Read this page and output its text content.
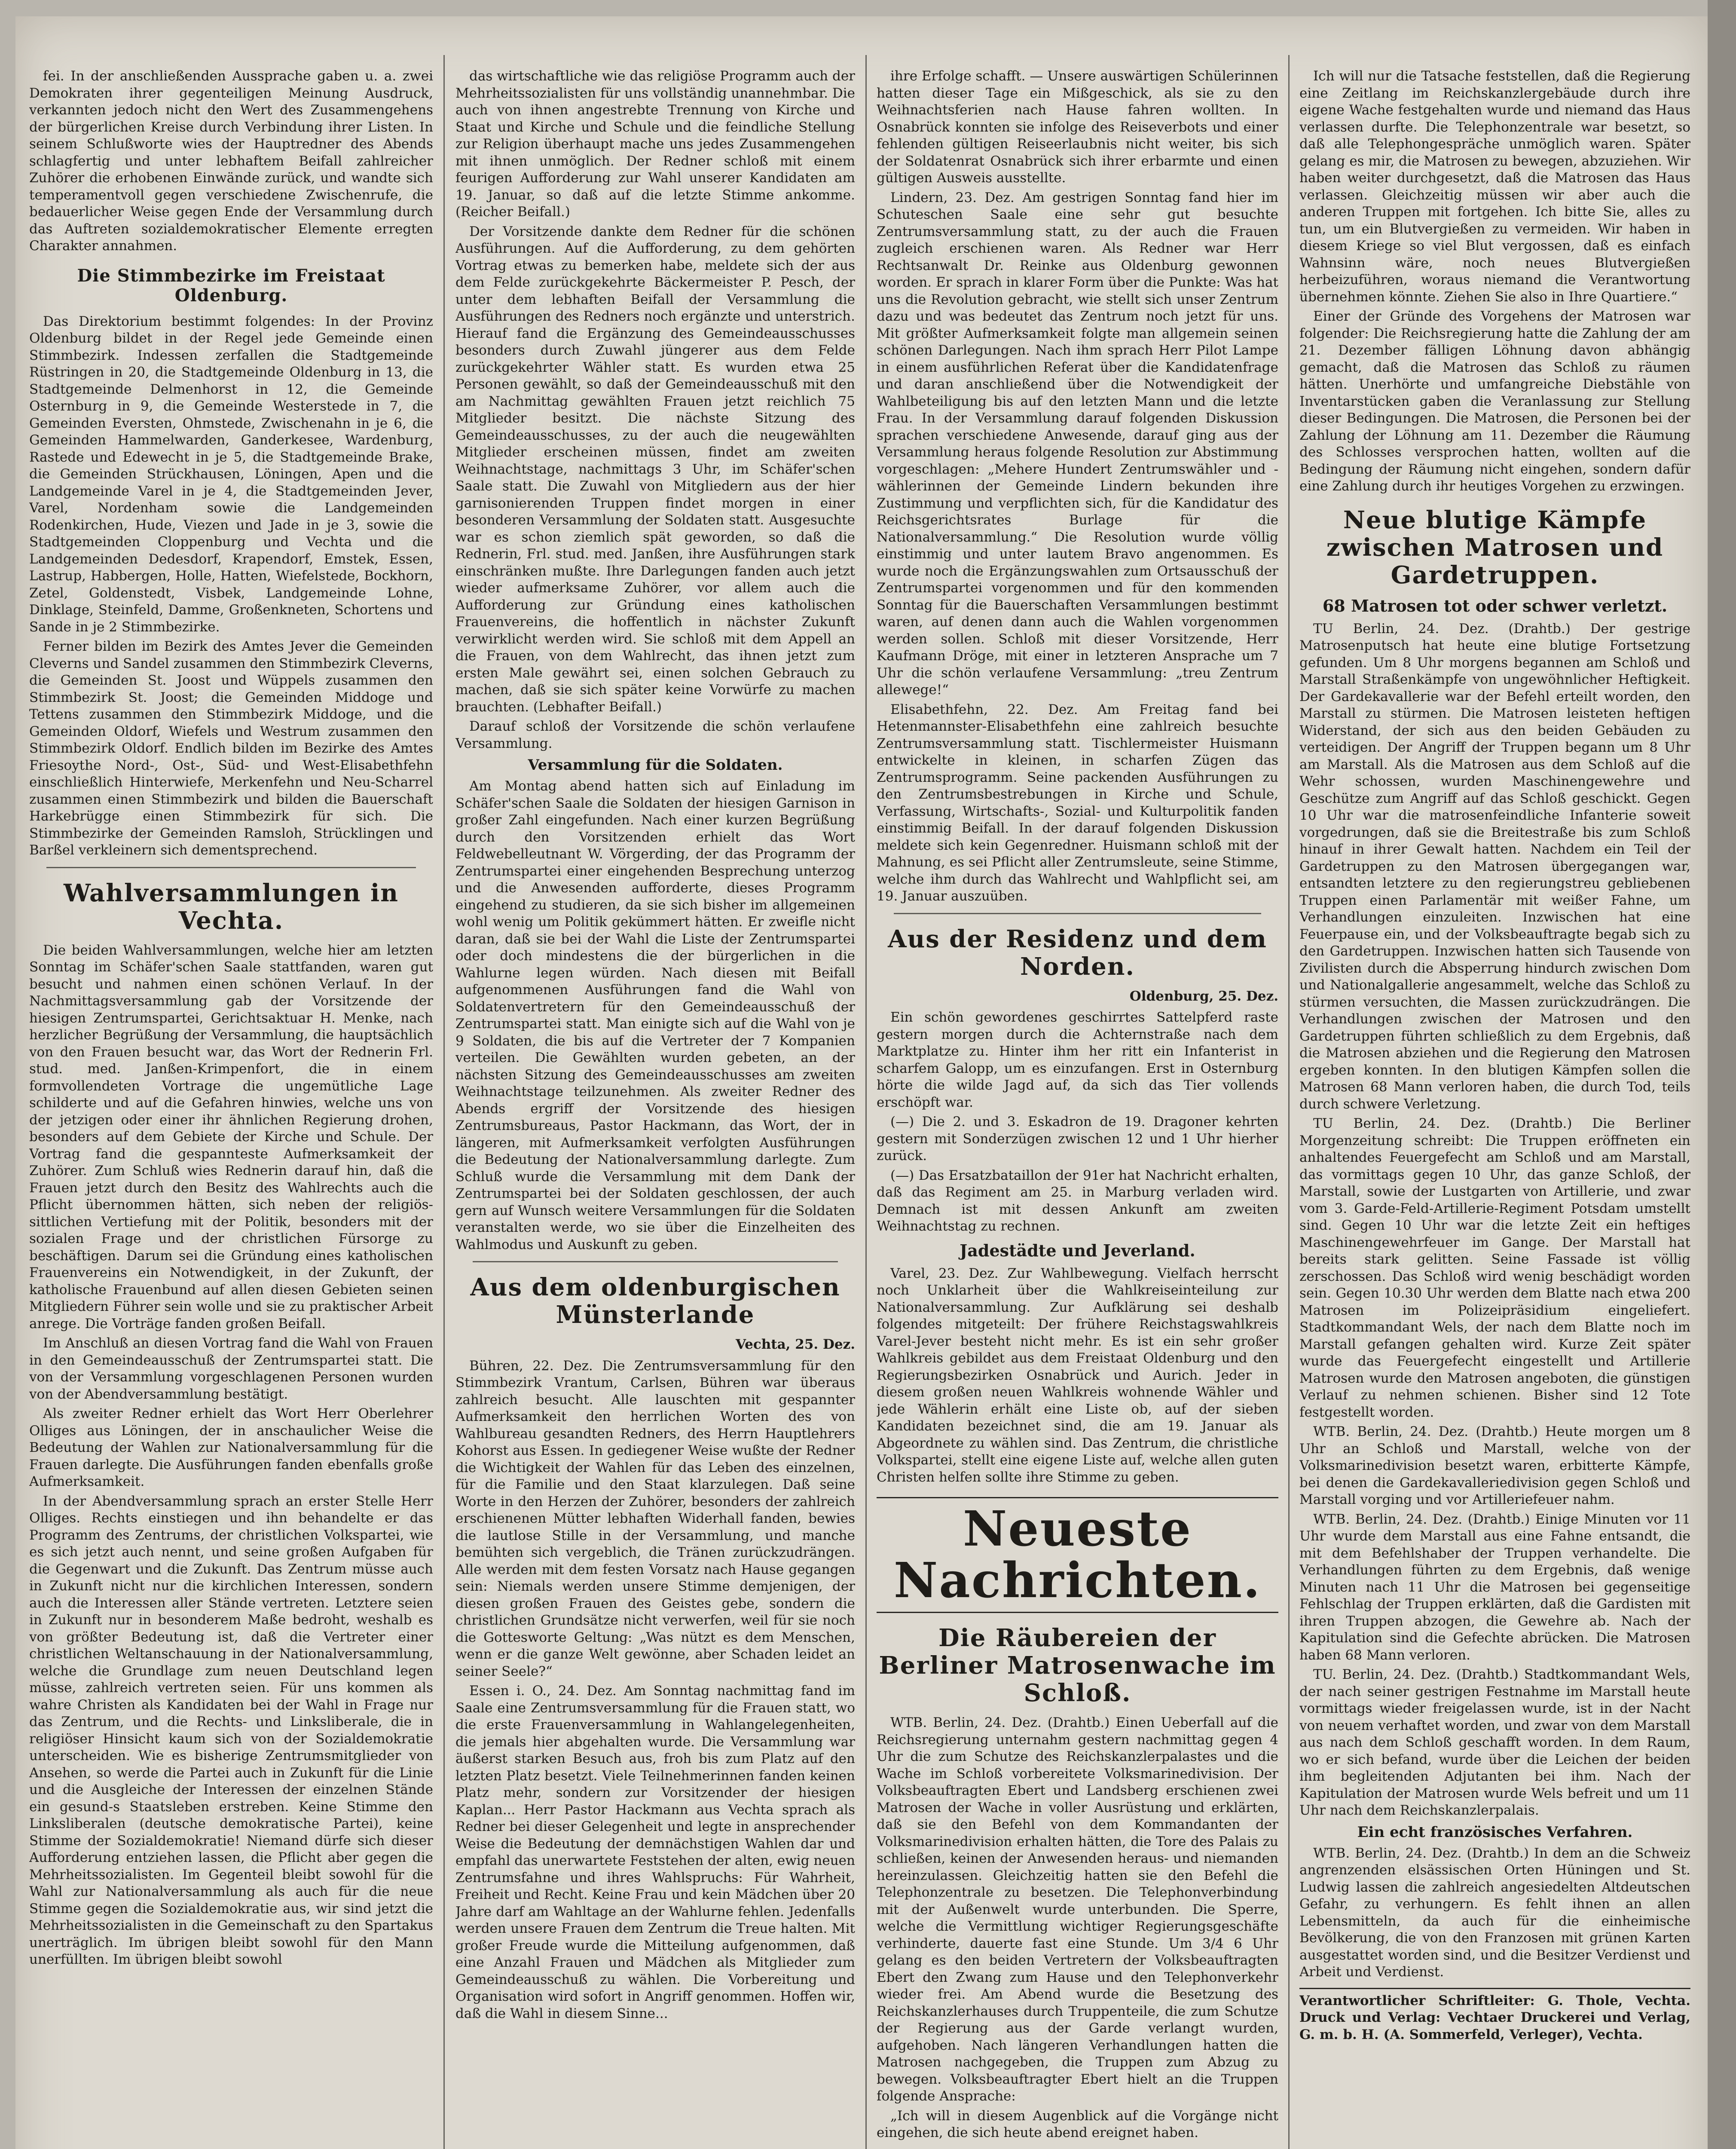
fei. In der anschließenden Aussprache gaben u. a. zwei Demokraten ihrer gegenteiligen Meinung Ausdruck, verkannten jedoch nicht den Wert des Zusammengehens der bürgerlichen Kreise durch Verbindung ihrer Listen. In seinem Schlußworte wies der Hauptredner des Abends schlagfertig und unter lebhaftem Beifall zahlreicher Zuhörer die erhobenen Einwände zurück, und wandte sich temperamentvoll gegen verschiedene Zwischenrufe, die bedauerlicher Weise gegen Ende der Versammlung durch das Auftreten sozialdemokratischer Elemente erregten Charakter annahmen.

Die Stimmbezirke im Freistaat Oldenburg.

Das Direktorium bestimmt folgendes: In der Provinz Oldenburg bildet in der Regel jede Gemeinde einen Stimmbezirk. Indessen zerfallen die Stadtgemeinde Rüstringen in 20, die Stadtgemeinde Oldenburg in 13, die Stadtgemeinde Delmenhorst in 12, die Gemeinde Osternburg in 9, die Gemeinde Westerstede in 7, die Gemeinden Eversten, Ohmstede, Zwischenahn in je 6, die Gemeinden Hammelwarden, Ganderkesee, Wardenburg, Rastede und Edewecht in je 5, die Stadtgemeinde Brake, die Gemeinden Strückhausen, Löningen, Apen und die Landgemeinde Varel in je 4, die Stadtgemeinden Jever, Varel, Nordenham sowie die Landgemeinden Rodenkirchen, Hude, Viezen und Jade in je 3, sowie die Stadtgemeinden Cloppenburg und Vechta und die Landgemeinden Dedesdorf, Krapendorf, Emstek, Essen, Lastrup, Habbergen, Holle, Hatten, Wiefelstede, Bockhorn, Zetel, Goldenstedt, Visbek, Landgemeinde Lohne, Dinklage, Steinfeld, Damme, Großenkneten, Schortens und Sande in je 2 Stimmbezirke.

Ferner bilden im Bezirk des Amtes Jever die Gemeinden Cleverns und Sandel zusammen den Stimmbezirk Cleverns, die Gemeinden St. Joost und Wüppels zusammen den Stimmbezirk St. Joost; die Gemeinden Middoge und Tettens zusammen den Stimmbezirk Middoge, und die Gemeinden Oldorf, Wiefels und Westrum zusammen den Stimmbezirk Oldorf. Endlich bilden im Bezirke des Amtes Friesoythe Nord-, Ost-, Süd- und West-Elisabethfehn einschließlich Hinterwiefe, Merkenfehn und Neu-Scharrel zusammen einen Stimmbezirk und bilden die Bauerschaft Harkebrügge einen Stimmbezirk für sich. Die Stimmbezirke der Gemeinden Ramsloh, Strücklingen und Barßel verkleinern sich dementsprechend.

Wahlversammlungen in Vechta.

Die beiden Wahlversammlungen, welche hier am letzten Sonntag im Schäfer'schen Saale stattfanden, waren gut besucht und nahmen einen schönen Verlauf. In der Nachmittagsversammlung gab der Vorsitzende der hiesigen Zentrumspartei, Gerichtsaktuar H. Menke, nach herzlicher Begrüßung der Versammlung, die hauptsächlich von den Frauen besucht war, das Wort der Rednerin Frl. stud. med. Janßen-Krimpenfort, die in einem formvollendeten Vortrage die ungemütliche Lage schilderte und auf die Gefahren hinwies, welche uns von der jetzigen oder einer ihr ähnlichen Regierung drohen, besonders auf dem Gebiete der Kirche und Schule. Der Vortrag fand die gespannteste Aufmerksamkeit der Zuhörer. Zum Schluß wies Rednerin darauf hin, daß die Frauen jetzt durch den Besitz des Wahlrechts auch die Pflicht übernommen hätten, sich neben der religiös-sittlichen Vertiefung mit der Politik, besonders mit der sozialen Frage und der christlichen Fürsorge zu beschäftigen. Darum sei die Gründung eines katholischen Frauenvereins ein Notwendigkeit, in der Zukunft, der katholische Frauenbund auf allen diesen Gebieten seinen Mitgliedern Führer sein wolle und sie zu praktischer Arbeit anrege. Die Vorträge fanden großen Beifall.

Im Anschluß an diesen Vortrag fand die Wahl von Frauen in den Gemeindeausschuß der Zentrumspartei statt. Die von der Versammlung vorgeschlagenen Personen wurden von der Abendversammlung bestätigt.

Als zweiter Redner erhielt das Wort Herr Oberlehrer Olliges aus Löningen, der in anschaulicher Weise die Bedeutung der Wahlen zur Nationalversammlung für die Frauen darlegte. Die Ausführungen fanden ebenfalls große Aufmerksamkeit.

In der Abendversammlung sprach an erster Stelle Herr Olliges. Rechts einstiegen und ihn behandelte er das Programm des Zentrums, der christlichen Volkspartei, wie es sich jetzt auch nennt, und seine großen Aufgaben für die Gegenwart und die Zukunft. Das Zentrum müsse auch in Zukunft nicht nur die kirchlichen Interessen, sondern auch die Interessen aller Stände vertreten. Letztere seien in Zukunft nur in besonderem Maße bedroht, weshalb es von größter Bedeutung ist, daß die Vertreter einer christlichen Weltanschauung in der Nationalversammlung, welche die Grundlage zum neuen Deutschland legen müsse, zahlreich vertreten seien. Für uns kommen als wahre Christen als Kandidaten bei der Wahl in Frage nur das Zentrum, und die Rechts- und Linksliberale, die in religiöser Hinsicht kaum sich von der Sozialdemokratie unterscheiden. Wie es bisherige Zentrumsmitglieder von Ansehen, so werde die Partei auch in Zukunft für die Linie und die Ausgleiche der Interessen der einzelnen Stände ein gesund-s Staatsleben erstreben. Keine Stimme den Linksliberalen (deutsche demokratische Partei), keine Stimme der Sozialdemokratie! Niemand dürfe sich dieser Aufforderung entziehen lassen, die Pflicht aber gegen die Mehrheitssozialisten. Im Gegenteil bleibt sowohl für die Wahl zur Nationalversammlung als auch für die neue Stimme gegen die Sozialdemokratie aus, wir sind jetzt die Mehrheitssozialisten in die Gemeinschaft zu den Spartakus unerträglich. Im übrigen bleibt sowohl für den Mann unerfüllten. Im übrigen bleibt sowohl

das wirtschaftliche wie das religiöse Programm auch der Mehrheitssozialisten für uns vollständig unannehmbar. Die auch von ihnen angestrebte Trennung von Kirche und Staat und Kirche und Schule und die feindliche Stellung zur Religion überhaupt mache uns jedes Zusammengehen mit ihnen unmöglich. Der Redner schloß mit einem feurigen Aufforderung zur Wahl unserer Kandidaten am 19. Januar, so daß auf die letzte Stimme ankomme. (Reicher Beifall.)

Der Vorsitzende dankte dem Redner für die schönen Ausführungen. Auf die Aufforderung, zu dem gehörten Vortrag etwas zu bemerken habe, meldete sich der aus dem Felde zurückgekehrte Bäckermeister P. Pesch, der unter dem lebhaften Beifall der Versammlung die Ausführungen des Redners noch ergänzte und unterstrich. Hierauf fand die Ergänzung des Gemeindeausschusses besonders durch Zuwahl jüngerer aus dem Felde zurückgekehrter Wähler statt. Es wurden etwa 25 Personen gewählt, so daß der Gemeindeausschuß mit den am Nachmittag gewählten Frauen jetzt reichlich 75 Mitglieder besitzt. Die nächste Sitzung des Gemeindeausschusses, zu der auch die neugewählten Mitglieder erscheinen müssen, findet am zweiten Weihnachtstage, nachmittags 3 Uhr, im Schäfer'schen Saale statt. Die Zuwahl von Mitgliedern aus der hier garnisonierenden Truppen findet morgen in einer besonderen Versammlung der Soldaten statt. Ausgesuchte war es schon ziemlich spät geworden, so daß die Rednerin, Frl. stud. med. Janßen, ihre Ausführungen stark einschränken mußte. Ihre Darlegungen fanden auch jetzt wieder aufmerksame Zuhörer, vor allem auch die Aufforderung zur Gründung eines katholischen Frauenvereins, die hoffentlich in nächster Zukunft verwirklicht werden wird. Sie schloß mit dem Appell an die Frauen, von dem Wahlrecht, das ihnen jetzt zum ersten Male gewährt sei, einen solchen Gebrauch zu machen, daß sie sich später keine Vorwürfe zu machen brauchten. (Lebhafter Beifall.)

Darauf schloß der Vorsitzende die schön verlaufene Versammlung.

Versammlung für die Soldaten.

Am Montag abend hatten sich auf Einladung im Schäfer'schen Saale die Soldaten der hiesigen Garnison in großer Zahl eingefunden. Nach einer kurzen Begrüßung durch den Vorsitzenden erhielt das Wort Feldwebelleutnant W. Vörgerding, der das Programm der Zentrumspartei einer eingehenden Besprechung unterzog und die Anwesenden aufforderte, dieses Programm eingehend zu studieren, da sie sich bisher im allgemeinen wohl wenig um Politik gekümmert hätten. Er zweifle nicht daran, daß sie bei der Wahl die Liste der Zentrumspartei oder doch mindestens die der bürgerlichen in die Wahlurne legen würden. Nach diesen mit Beifall aufgenommenen Ausführungen fand die Wahl von Soldatenvertretern für den Gemeindeausschuß der Zentrumspartei statt. Man einigte sich auf die Wahl von je 9 Soldaten, die bis auf die Vertreter der 7 Kompanien verteilen. Die Gewählten wurden gebeten, an der nächsten Sitzung des Gemeindeausschusses am zweiten Weihnachtstage teilzunehmen. Als zweiter Redner des Abends ergriff der Vorsitzende des hiesigen Zentrumsbureaus, Pastor Hackmann, das Wort, der in längeren, mit Aufmerksamkeit verfolgten Ausführungen die Bedeutung der Nationalversammlung darlegte. Zum Schluß wurde die Versammlung mit dem Dank der Zentrumspartei bei der Soldaten geschlossen, der auch gern auf Wunsch weitere Versammlungen für die Soldaten veranstalten werde, wo sie über die Einzelheiten des Wahlmodus und Auskunft zu geben.

Aus dem oldenburgischen Münsterlande
Vechta, 25. Dez.

Bühren, 22. Dez. Die Zentrumsversammlung für den Stimmbezirk Vrantum, Carlsen, Bühren war überaus zahlreich besucht. Alle lauschten mit gespannter Aufmerksamkeit den herrlichen Worten des von Wahlbureau gesandten Redners, des Herrn Hauptlehrers Kohorst aus Essen. In gediegener Weise wußte der Redner die Wichtigkeit der Wahlen für das Leben des einzelnen, für die Familie und den Staat klarzulegen. Daß seine Worte in den Herzen der Zuhörer, besonders der zahlreich erschienenen Mütter lebhaften Widerhall fanden, bewies die lautlose Stille in der Versammlung, und manche bemühten sich vergeblich, die Tränen zurückzudrängen. Alle werden mit dem festen Vorsatz nach Hause gegangen sein: Niemals werden unsere Stimme demjenigen, der diesen großen Frauen des Geistes gebe, sondern die christlichen Grundsätze nicht verwerfen, weil für sie noch die Gottesworte Geltung: „Was nützt es dem Menschen, wenn er die ganze Welt gewönne, aber Schaden leidet an seiner Seele?“

Essen i. O., 24. Dez. Am Sonntag nachmittag fand im Saale eine Zentrumsversammlung für die Frauen statt, wo die erste Frauenversammlung in Wahlangelegenheiten, die jemals hier abgehalten wurde. Die Versammlung war äußerst starken Besuch aus, froh bis zum Platz auf den letzten Platz besetzt. Viele Teilnehmerinnen fanden keinen Platz mehr, sondern zur Vorsitzender der hiesigen Kaplan... Herr Pastor Hackmann aus Vechta sprach als Redner bei dieser Gelegenheit und legte in ansprechender Weise die Bedeutung der demnächstigen Wahlen dar und empfahl das unerwartete Feststehen der alten, ewig neuen Zentrumsfahne und ihres Wahlspruchs: Für Wahrheit, Freiheit und Recht. Keine Frau und kein Mädchen über 20 Jahre darf am Wahltage an der Wahlurne fehlen. Jedenfalls werden unsere Frauen dem Zentrum die Treue halten. Mit großer Freude wurde die Mitteilung aufgenommen, daß eine Anzahl Frauen und Mädchen als Mitglieder zum Gemeindeausschuß zu wählen. Die Vorbereitung und Organisation wird sofort in Angriff genommen. Hoffen wir, daß die Wahl in diesem Sinne...

ihre Erfolge schafft. — Unsere auswärtigen Schülerinnen hatten dieser Tage ein Mißgeschick, als sie zu den Weihnachtsferien nach Hause fahren wollten. In Osnabrück konnten sie infolge des Reiseverbots und einer fehlenden gültigen Reiseerlaubnis nicht weiter, bis sich der Soldatenrat Osnabrück sich ihrer erbarmte und einen gültigen Ausweis ausstellte.

Lindern, 23. Dez. Am gestrigen Sonntag fand hier im Schuteschen Saale eine sehr gut besuchte Zentrumsversammlung statt, zu der auch die Frauen zugleich erschienen waren. Als Redner war Herr Rechtsanwalt Dr. Reinke aus Oldenburg gewonnen worden. Er sprach in klarer Form über die Punkte: Was hat uns die Revolution gebracht, wie stellt sich unser Zentrum dazu und was bedeutet das Zentrum noch jetzt für uns. Mit größter Aufmerksamkeit folgte man allgemein seinen schönen Darlegungen. Nach ihm sprach Herr Pilot Lampe in einem ausführlichen Referat über die Kandidatenfrage und daran anschließend über die Notwendigkeit der Wahlbeteiligung bis auf den letzten Mann und die letzte Frau. In der Versammlung darauf folgenden Diskussion sprachen verschiedene Anwesende, darauf ging aus der Versammlung heraus folgende Resolution zur Abstimmung vorgeschlagen: „Mehere Hundert Zentrumswähler und -wählerinnen der Gemeinde Lindern bekunden ihre Zustimmung und verpflichten sich, für die Kandidatur des Reichsgerichtsrates Burlage für die Nationalversammlung.“ Die Resolution wurde völlig einstimmig und unter lautem Bravo angenommen. Es wurde noch die Ergänzungswahlen zum Ortsausschuß der Zentrumspartei vorgenommen und für den kommenden Sonntag für die Bauerschaften Versammlungen bestimmt waren, auf denen dann auch die Wahlen vorgenommen werden sollen. Schloß mit dieser Vorsitzende, Herr Kaufmann Dröge, mit einer in letzteren Ansprache um 7 Uhr die schön verlaufene Versammlung: „treu Zentrum allewege!“

Elisabethfehn, 22. Dez. Am Freitag fand bei Hetenmannster-Elisabethfehn eine zahlreich besuchte Zentrumsversammlung statt. Tischlermeister Huismann entwickelte in kleinen, in scharfen Zügen das Zentrumsprogramm. Seine packenden Ausführungen zu den Zentrumsbestrebungen in Kirche und Schule, Verfassung, Wirtschafts-, Sozial- und Kulturpolitik fanden einstimmig Beifall. In der darauf folgenden Diskussion meldete sich kein Gegenredner. Huismann schloß mit der Mahnung, es sei Pflicht aller Zentrumsleute, seine Stimme, welche ihm durch das Wahlrecht und Wahlpflicht sei, am 19. Januar auszuüben.

Aus der Residenz und dem Norden.
Oldenburg, 25. Dez.

Ein schön gewordenes geschirrtes Sattelpferd raste gestern morgen durch die Achternstraße nach dem Marktplatze zu. Hinter ihm her ritt ein Infanterist in scharfem Galopp, um es einzufangen. Erst in Osternburg hörte die wilde Jagd auf, da sich das Tier vollends erschöpft war.

(—) Die 2. und 3. Eskadron de 19. Dragoner kehrten gestern mit Sonderzügen zwischen 12 und 1 Uhr hierher zurück.

(—) Das Ersatzbataillon der 91er hat Nachricht erhalten, daß das Regiment am 25. in Marburg verladen wird. Demnach ist mit dessen Ankunft am zweiten Weihnachtstag zu rechnen.

Jadestädte und Jeverland.

Varel, 23. Dez. Zur Wahlbewegung. Vielfach herrscht noch Unklarheit über die Wahlkreiseinteilung zur Nationalversammlung. Zur Aufklärung sei deshalb folgendes mitgeteilt: Der frühere Reichstagswahlkreis Varel-Jever besteht nicht mehr. Es ist ein sehr großer Wahlkreis gebildet aus dem Freistaat Oldenburg und den Regierungsbezirken Osnabrück und Aurich. Jeder in diesem großen neuen Wahlkreis wohnende Wähler und jede Wählerin erhält eine Liste ob, auf der sieben Kandidaten bezeichnet sind, die am 19. Januar als Abgeordnete zu wählen sind. Das Zentrum, die christliche Volkspartei, stellt eine eigene Liste auf, welche allen guten Christen helfen sollte ihre Stimme zu geben.

Neueste Nachrichten.
Die Räubereien der Berliner Matrosenwache im Schloß.

WTB. Berlin, 24. Dez. (Drahtb.) Einen Ueberfall auf die Reichsregierung unternahm gestern nachmittag gegen 4 Uhr die zum Schutze des Reichskanzlerpalastes und die Wache im Schloß vorbereitete Volksmarinedivision. Der Volksbeauftragten Ebert und Landsberg erschienen zwei Matrosen der Wache in voller Ausrüstung und erklärten, daß sie den Befehl von dem Kommandanten der Volksmarinedivision erhalten hätten, die Tore des Palais zu schließen, keinen der Anwesenden heraus- und niemanden hereinzulassen. Gleichzeitig hatten sie den Befehl die Telephonzentrale zu besetzen. Die Telephonverbindung mit der Außenwelt wurde unterbunden. Die Sperre, welche die Vermittlung wichtiger Regierungsgeschäfte verhinderte, dauerte fast eine Stunde. Um 3/4 6 Uhr gelang es den beiden Vertretern der Volksbeauftragten Ebert den Zwang zum Hause und den Telephonverkehr wieder frei. Am Abend wurde die Besetzung des Reichskanzlerhauses durch Truppenteile, die zum Schutze der Regierung aus der Garde verlangt wurden, aufgehoben. Nach längeren Verhandlungen hatten die Matrosen nachgegeben, die Truppen zum Abzug zu bewegen. Volksbeauftragter Ebert hielt an die Truppen folgende Ansprache:

„Ich will in diesem Augenblick auf die Vorgänge nicht eingehen, die sich heute abend ereignet haben.

Ich will nur die Tatsache feststellen, daß die Regierung eine Zeitlang im Reichskanzlergebäude durch ihre eigene Wache festgehalten wurde und niemand das Haus verlassen durfte. Die Telephonzentrale war besetzt, so daß alle Telephongespräche unmöglich waren. Später gelang es mir, die Matrosen zu bewegen, abzuziehen. Wir haben weiter durchgesetzt, daß die Matrosen das Haus verlassen. Gleichzeitig müssen wir aber auch die anderen Truppen mit fortgehen. Ich bitte Sie, alles zu tun, um ein Blutvergießen zu vermeiden. Wir haben in diesem Kriege so viel Blut vergossen, daß es einfach Wahnsinn wäre, noch neues Blutvergießen herbeizuführen, woraus niemand die Verantwortung übernehmen könnte. Ziehen Sie also in Ihre Quartiere.“

Einer der Gründe des Vorgehens der Matrosen war folgender: Die Reichsregierung hatte die Zahlung der am 21. Dezember fälligen Löhnung davon abhängig gemacht, daß die Matrosen das Schloß zu räumen hätten. Unerhörte und umfangreiche Diebstähle von Inventarstücken gaben die Veranlassung zur Stellung dieser Bedingungen. Die Matrosen, die Personen bei der Zahlung der Löhnung am 11. Dezember die Räumung des Schlosses versprochen hatten, wollten auf die Bedingung der Räumung nicht eingehen, sondern dafür eine Zahlung durch ihr heutiges Vorgehen zu erzwingen.

Neue blutige Kämpfe zwischen Matrosen und Gardetruppen.
68 Matrosen tot oder schwer verletzt.

TU Berlin, 24. Dez. (Drahtb.) Der gestrige Matrosenputsch hat heute eine blutige Fortsetzung gefunden. Um 8 Uhr morgens begannen am Schloß und Marstall Straßenkämpfe von ungewöhnlicher Heftigkeit. Der Gardekavallerie war der Befehl erteilt worden, den Marstall zu stürmen. Die Matrosen leisteten heftigen Widerstand, der sich aus den beiden Gebäuden zu verteidigen. Der Angriff der Truppen begann um 8 Uhr am Marstall. Als die Matrosen aus dem Schloß auf die Wehr schossen, wurden Maschinengewehre und Geschütze zum Angriff auf das Schloß geschickt. Gegen 10 Uhr war die matrosenfeindliche Infanterie soweit vorgedrungen, daß sie die Breitestraße bis zum Schloß hinauf in ihrer Gewalt hatten. Nachdem ein Teil der Gardetruppen zu den Matrosen übergegangen war, entsandten letztere zu den regierungstreu gebliebenen Truppen einen Parlamentär mit weißer Fahne, um Verhandlungen einzuleiten. Inzwischen hat eine Feuerpause ein, und der Volksbeauftragte begab sich zu den Gardetruppen. Inzwischen hatten sich Tausende von Zivilisten durch die Absperrung hindurch zwischen Dom und Nationalgallerie angesammelt, welche das Schloß zu stürmen versuchten, die Massen zurückzudrängen. Die Verhandlungen zwischen der Matrosen und den Gardetruppen führten schließlich zu dem Ergebnis, daß die Matrosen abziehen und die Regierung den Matrosen ergeben konnten. In den blutigen Kämpfen sollen die Matrosen 68 Mann verloren haben, die durch Tod, teils durch schwere Verletzung.

TU Berlin, 24. Dez. (Drahtb.) Die Berliner Morgenzeitung schreibt: Die Truppen eröffneten ein anhaltendes Feuergefecht am Schloß und am Marstall, das vormittags gegen 10 Uhr, das ganze Schloß, der Marstall, sowie der Lustgarten von Artillerie, und zwar vom 3. Garde-Feld-Artillerie-Regiment Potsdam umstellt sind. Gegen 10 Uhr war die letzte Zeit ein heftiges Maschinengewehrfeuer im Gange. Der Marstall hat bereits stark gelitten. Seine Fassade ist völlig zerschossen. Das Schloß wird wenig beschädigt worden sein. Gegen 10.30 Uhr werden dem Blatte nach etwa 200 Matrosen im Polizeipräsidium eingeliefert. Stadtkommandant Wels, der nach dem Blatte noch im Marstall gefangen gehalten wird. Kurze Zeit später wurde das Feuergefecht eingestellt und Artillerie Matrosen wurde den Matrosen angeboten, die günstigen Verlauf zu nehmen schienen. Bisher sind 12 Tote festgestellt worden.

WTB. Berlin, 24. Dez. (Drahtb.) Heute morgen um 8 Uhr an Schloß und Marstall, welche von der Volksmarinedivision besetzt waren, erbitterte Kämpfe, bei denen die Gardekavalleriedivision gegen Schloß und Marstall vorging und vor Artilleriefeuer nahm.

WTB. Berlin, 24. Dez. (Drahtb.) Einige Minuten vor 11 Uhr wurde dem Marstall aus eine Fahne entsandt, die mit dem Befehlshaber der Truppen verhandelte. Die Verhandlungen führten zu dem Ergebnis, daß wenige Minuten nach 11 Uhr die Matrosen bei gegenseitige Fehlschlag der Truppen erklärten, daß die Gardisten mit ihren Truppen abzogen, die Gewehre ab. Nach der Kapitulation sind die Gefechte abrücken. Die Matrosen haben 68 Mann verloren.

TU. Berlin, 24. Dez. (Drahtb.) Stadtkommandant Wels, der nach seiner gestrigen Festnahme im Marstall heute vormittags wieder freigelassen wurde, ist in der Nacht von neuem verhaftet worden, und zwar von dem Marstall aus nach dem Schloß geschafft worden. In dem Raum, wo er sich befand, wurde über die Leichen der beiden ihm begleitenden Adjutanten bei ihm. Nach der Kapitulation der Matrosen wurde Wels befreit und um 11 Uhr nach dem Reichskanzlerpalais.

Ein echt französisches Verfahren.

WTB. Berlin, 24. Dez. (Drahtb.) In dem an die Schweiz angrenzenden elsässischen Orten Hüningen und St. Ludwig lassen die zahlreich angesiedelten Altdeutschen Gefahr, zu verhungern. Es fehlt ihnen an allen Lebensmitteln, da auch für die einheimische Bevölkerung, die von den Franzosen mit grünen Karten ausgestattet worden sind, und die Besitzer Verdienst und Arbeit und Verdienst.

Verantwortlicher Schriftleiter: G. Thole, Vechta. Druck und Verlag: Vechtaer Druckerei und Verlag, G. m. b. H. (A. Sommerfeld, Verleger), Vechta.
